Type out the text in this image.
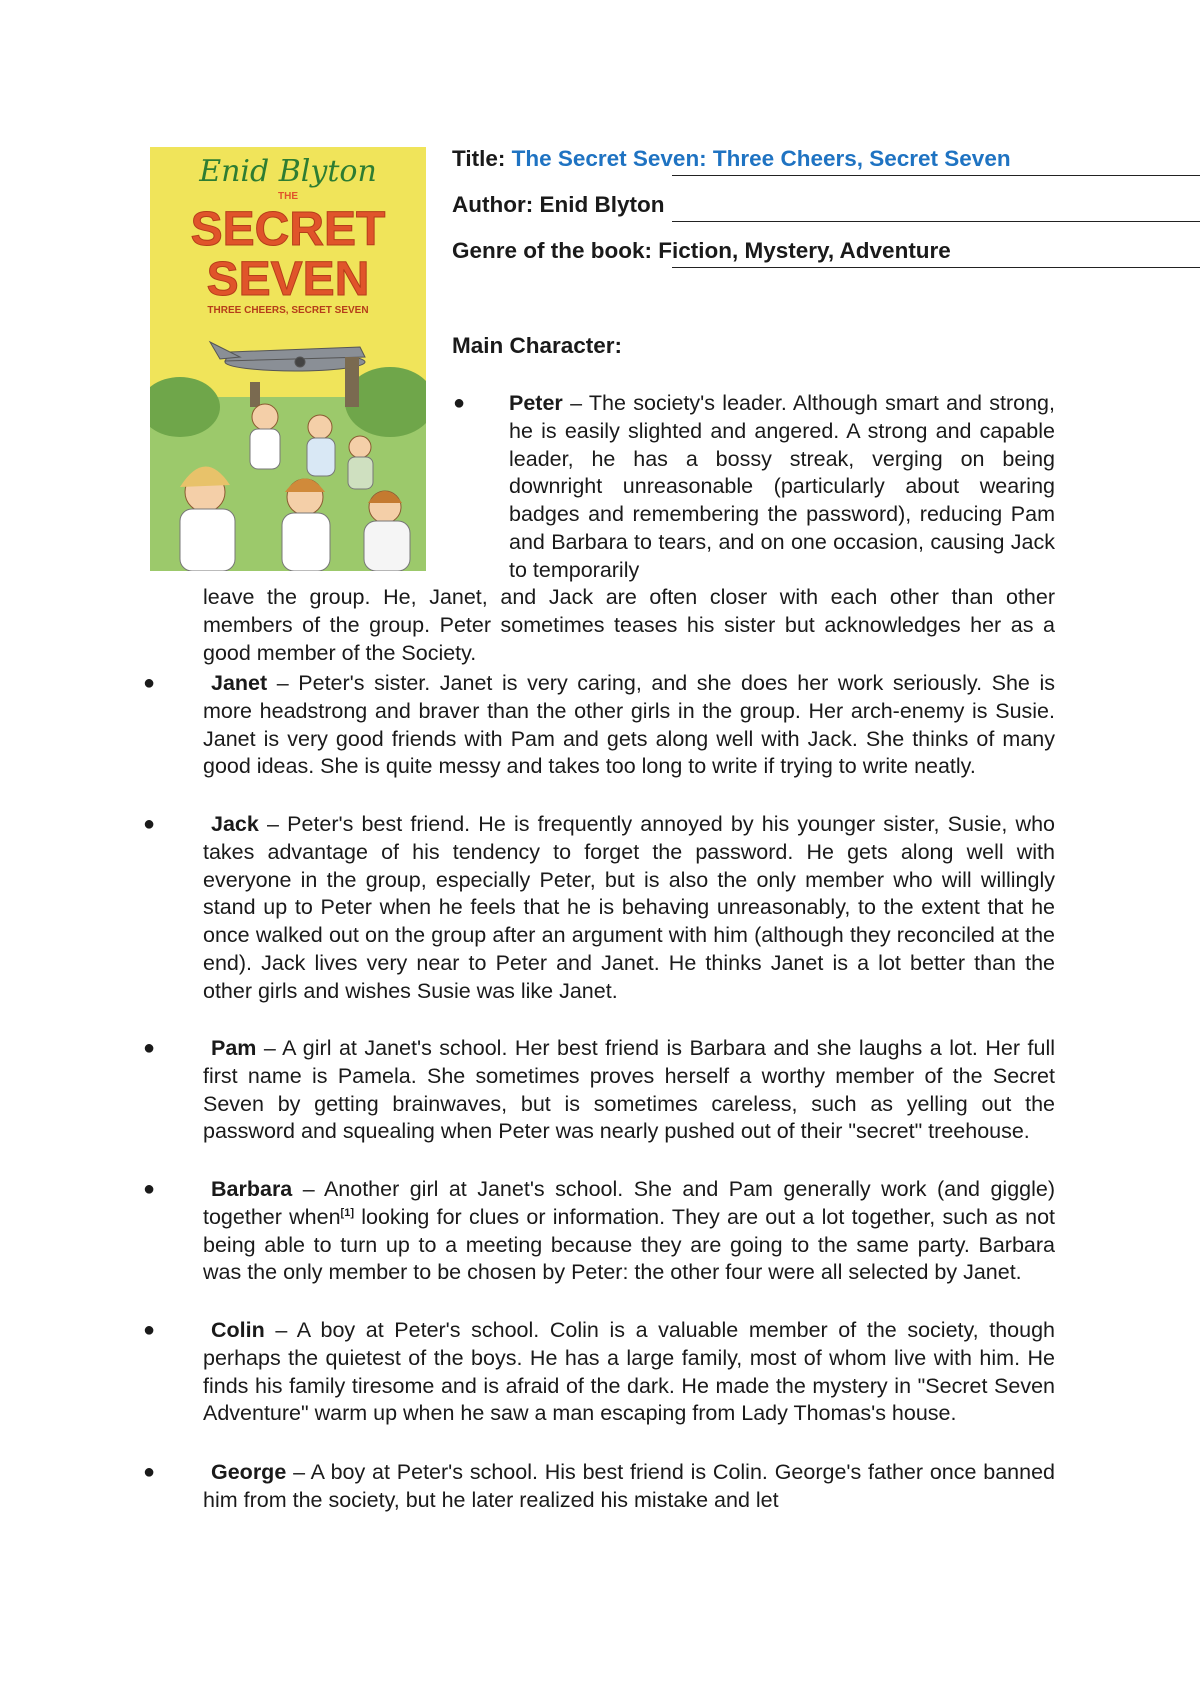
Enid Blyton
THE
SECRET
SEVEN
THREE CHEERS, SECRET SEVEN
Title: The Secret Seven: Three Cheers, Secret Seven
Author: Enid Blyton
Genre of the book: Fiction, Mystery, Adventure
Main Character:
● Peter – The society's leader. Although smart and strong, he is easily slighted and angered. A strong and capable leader, he has a bossy streak, verging on being downright unreasonable (particularly about wearing badges and remembering the password), reducing Pam and Barbara to tears, and on one occasion, causing Jack to temporarily
leave the group. He, Janet, and Jack are often closer with each other than other members of the group. Peter sometimes teases his sister but acknowledges her as a good member of the Society.
●	Janet – Peter's sister. Janet is very caring, and she does her work seriously. She is more headstrong and braver than the other girls in the group. Her arch-enemy is Susie. Janet is very good friends with Pam and gets along well with Jack. She thinks of many good ideas. She is quite messy and takes too long to write if trying to write neatly.
●	Jack – Peter's best friend. He is frequently annoyed by his younger sister, Susie, who takes advantage of his tendency to forget the password. He gets along well with everyone in the group, especially Peter, but is also the only member who will willingly stand up to Peter when he feels that he is behaving unreasonably, to the extent that he once walked out on the group after an argument with him (although they reconciled at the end). Jack lives very near to Peter and Janet. He thinks Janet is a lot better than the other girls and wishes Susie was like Janet.
●	Pam – A girl at Janet's school. Her best friend is Barbara and she laughs a lot. Her full first name is Pamela. She sometimes proves herself a worthy member of the Secret Seven by getting brainwaves, but is sometimes careless, such as yelling out the password and squealing when Peter was nearly pushed out of their "secret" treehouse.
●	Barbara – Another girl at Janet's school. She and Pam generally work (and giggle) together when[1] looking for clues or information. They are out a lot together, such as not being able to turn up to a meeting because they are going to the same party. Barbara was the only member to be chosen by Peter: the other four were all selected by Janet.
●	Colin – A boy at Peter's school. Colin is a valuable member of the society, though perhaps the quietest of the boys. He has a large family, most of whom live with him. He finds his family tiresome and is afraid of the dark. He made the mystery in "Secret Seven Adventure" warm up when he saw a man escaping from Lady Thomas's house.
●	George – A boy at Peter's school. His best friend is Colin. George's father once banned him from the society, but he later realized his mistake and let
